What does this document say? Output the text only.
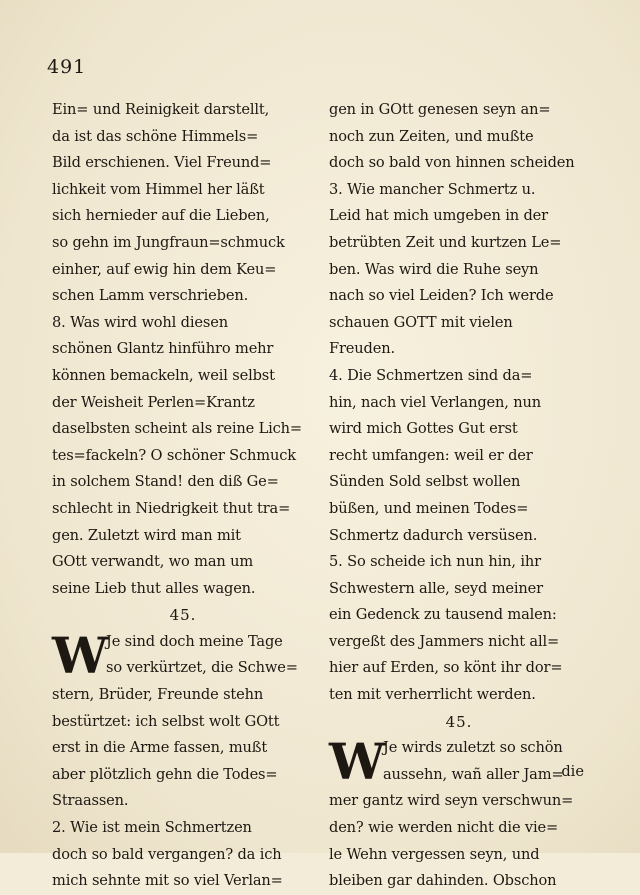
491
Ein= und Reinigkeit darstellt,
da ist das schöne Himmels=
Bild erschienen. Viel Freund=
lichkeit vom Himmel her läßt
sich hernieder auf die Lieben,
so gehn im Jungfraun=schmuck
einher, auf ewig hin dem Keu=
schen Lamm verschrieben.
8. Was wird wohl diesen
schönen Glantz hinführo mehr
können bemackeln, weil selbst
der Weisheit Perlen=Krantz
daselbsten scheint als reine Lich=
tes=fackeln? O schöner Schmuck
in solchem Stand! den diß Ge=
schlecht in Niedrigkeit thut tra=
gen. Zuletzt wird man mit
GOtt verwandt, wo man um
seine Lieb thut alles wagen.
45.
W
Je sind doch meine Tage
so verkürtzet, die Schwe=
stern, Brüder, Freunde stehn
bestürtzet: ich selbst wolt GOtt
erst in die Arme fassen, mußt
aber plötzlich gehn die Todes=
Straassen.
2. Wie ist mein Schmertzen
doch so bald vergangen? da ich
mich sehnte mit so viel Verlan=
gen in GOtt genesen seyn an=
noch zun Zeiten, und mußte
doch so bald von hinnen scheiden
3. Wie mancher Schmertz u.
Leid hat mich umgeben in der
betrübten Zeit und kurtzen Le=
ben. Was wird die Ruhe seyn
nach so viel Leiden? Ich werde
schauen GOTT mit vielen
Freuden.
4. Die Schmertzen sind da=
hin, nach viel Verlangen, nun
wird mich Gottes Gut erst
recht umfangen: weil er der
Sünden Sold selbst wollen
büßen, und meinen Todes=
Schmertz dadurch versüsen.
5. So scheide ich nun hin, ihr
Schwestern alle, seyd meiner
ein Gedenck zu tausend malen:
vergeßt des Jammers nicht all=
hier auf Erden, so könt ihr dor=
ten mit verherrlicht werden.
45.
W
Je wirds zuletzt so schön
aussehn, wañ aller Jam=
mer gantz wird seyn verschwun=
den? wie werden nicht die vie=
le Wehn vergessen seyn, und
bleiben gar dahinden. Obschon
die
